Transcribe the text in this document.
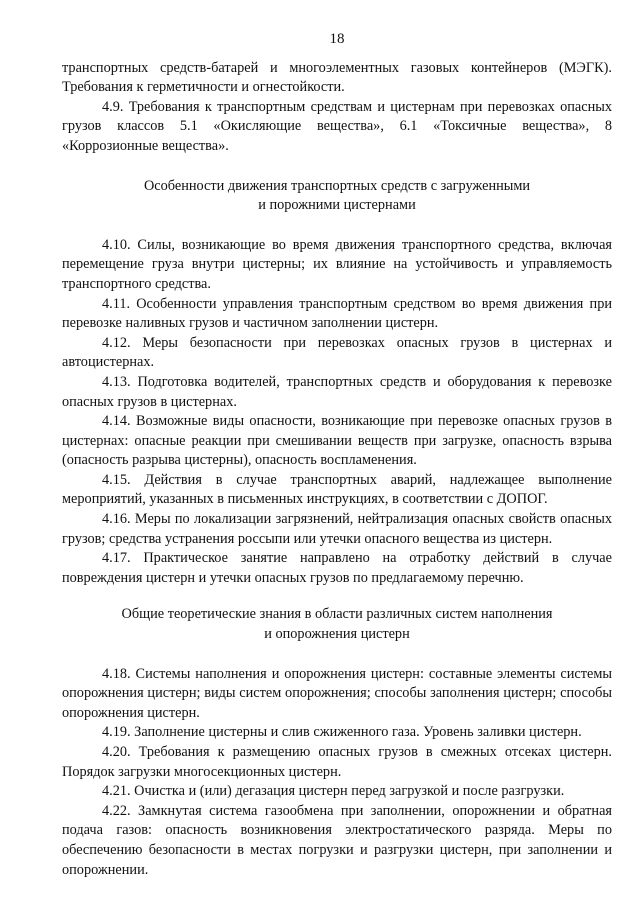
18

транспортных средств-батарей и многоэлементных газовых контейнеров (МЭГК). Требования к герметичности и огнестойкости.

4.9. Требования к транспортным средствам и цистернам при перевозках опасных грузов классов 5.1 «Окисляющие вещества», 6.1 «Токсичные вещества», 8 «Коррозионные вещества».

Особенности движения транспортных средств с загруженными
и порожними цистернами

4.10. Силы, возникающие во время движения транспортного средства, включая перемещение груза внутри цистерны; их влияние на устойчивость и управляемость транспортного средства.

4.11. Особенности управления транспортным средством во время движения при перевозке наливных грузов и частичном заполнении цистерн.

4.12. Меры безопасности при перевозках опасных грузов в цистернах и автоцистернах.

4.13. Подготовка водителей, транспортных средств и оборудования к перевозке опасных грузов в цистернах.

4.14. Возможные виды опасности, возникающие при перевозке опасных грузов в цистернах: опасные реакции при смешивании веществ при загрузке, опасность взрыва (опасность разрыва цистерны), опасность воспламенения.

4.15. Действия в случае транспортных аварий, надлежащее выполнение мероприятий, указанных в письменных инструкциях, в соответствии с ДОПОГ.

4.16. Меры по локализации загрязнений, нейтрализация опасных свойств опасных грузов; средства устранения россыпи или утечки опасного вещества из цистерн.

4.17. Практическое занятие направлено на отработку действий в случае повреждения цистерн и утечки опасных грузов по предлагаемому перечню.

Общие теоретические знания в области различных систем наполнения
и опорожнения цистерн

4.18. Системы наполнения и опорожнения цистерн: составные элементы системы опорожнения цистерн; виды систем опорожнения; способы заполнения цистерн; способы опорожнения цистерн.

4.19. Заполнение цистерны и слив сжиженного газа. Уровень заливки цистерн.

4.20. Требования к размещению опасных грузов в смежных отсеках цистерн. Порядок загрузки многосекционных цистерн.

4.21. Очистка и (или) дегазация цистерн перед загрузкой и после разгрузки.

4.22. Замкнутая система газообмена при заполнении, опорожнении и обратная подача газов: опасность возникновения электростатического разряда. Меры по обеспечению безопасности в местах погрузки и разгрузки цистерн, при заполнении и опорожнении.
